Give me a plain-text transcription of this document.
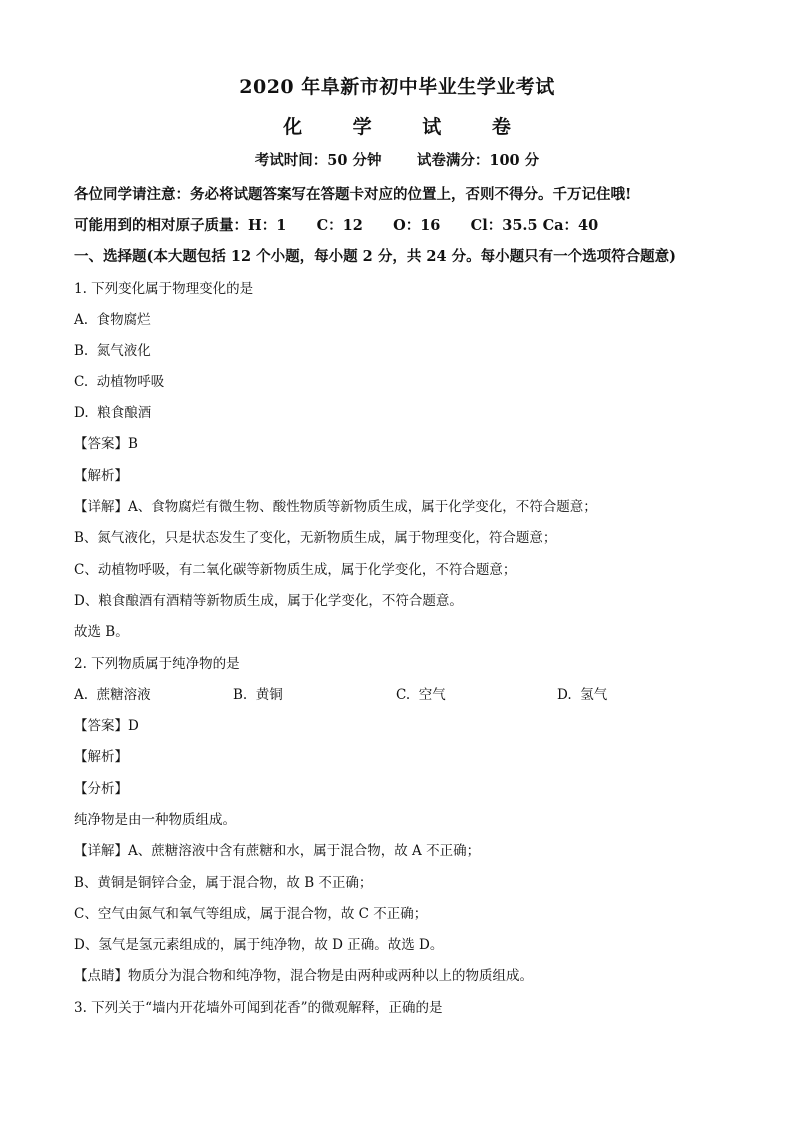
2020 年阜新市初中毕业生学业考试
化 学 试 卷
考试时间：50 分钟       试卷满分：100 分
各位同学请注意：务必将试题答案写在答题卡对应的位置上，否则不得分。千万记住哦!
可能用到的相对原子质量：H：1      C：12      O：16      Cl：35.5 Ca：40
一、选择题(本大题包括 12 个小题，每小题 2 分，共 24 分。每小题只有一个选项符合题意)
1. 下列变化属于物理变化的是
A.  食物腐烂
B.  氮气液化
C.  动植物呼吸
D.  粮食酿酒
【答案】B
【解析】
【详解】A、食物腐烂有微生物、酸性物质等新物质生成，属于化学变化，不符合题意；
B、氮气液化，只是状态发生了变化，无新物质生成，属于物理变化，符合题意；
C、动植物呼吸，有二氧化碳等新物质生成，属于化学变化，不符合题意；
D、粮食酿酒有酒精等新物质生成，属于化学变化，不符合题意。
故选 B。
2. 下列物质属于纯净物的是
A.  蔗糖溶液	B.  黄铜	C.  空气	D.  氢气
【答案】D
【解析】
【分析】
纯净物是由一种物质组成。
【详解】A、蔗糖溶液中含有蔗糖和水，属于混合物，故 A 不正确；
B、黄铜是铜锌合金，属于混合物，故 B 不正确；
C、空气由氮气和氧气等组成，属于混合物，故 C 不正确；
D、氢气是氢元素组成的，属于纯净物，故 D 正确。故选 D。
【点睛】物质分为混合物和纯净物，混合物是由两种或两种以上的物质组成。
3. 下列关于“墙内开花墙外可闻到花香”的微观解释，正确的是
